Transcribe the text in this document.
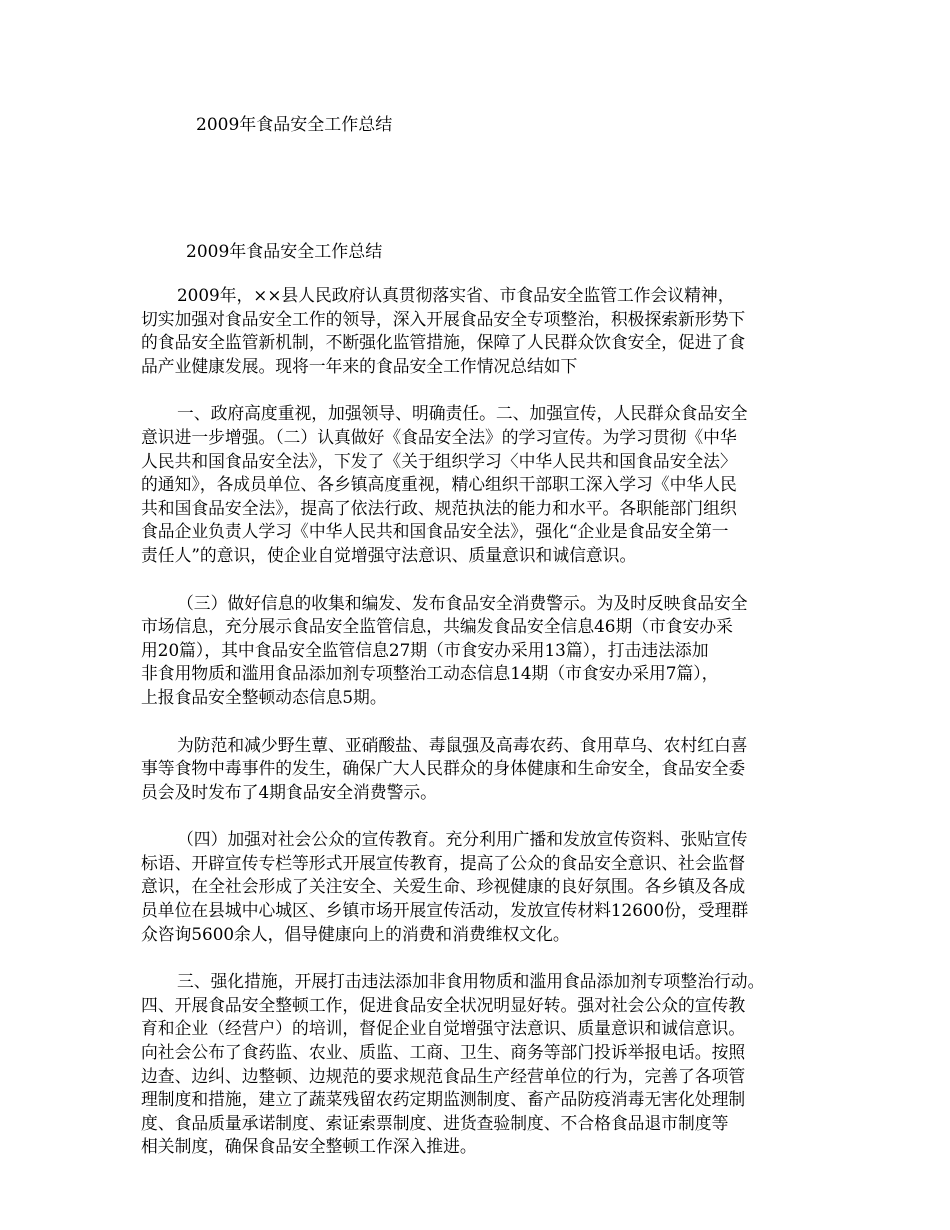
2009年食品安全工作总结
2009年食品安全工作总结

2009年，××县人民政府认真贯彻落实省、市食品安全监管工作会议精神，
切实加强对食品安全工作的领导，深入开展食品安全专项整治，积极探索新形势下
的食品安全监管新机制，不断强化监管措施，保障了人民群众饮食安全，促进了食
品产业健康发展。现将一年来的食品安全工作情况总结如下

一、政府高度重视，加强领导、明确责任。二、加强宣传，人民群众食品安全
意识进一步增强。（二）认真做好《食品安全法》的学习宣传。为学习贯彻《中华
人民共和国食品安全法》，下发了《关于组织学习〈中华人民共和国食品安全法〉
的通知》，各成员单位、各乡镇高度重视，精心组织干部职工深入学习《中华人民
共和国食品安全法》，提高了依法行政、规范执法的能力和水平。各职能部门组织
食品企业负责人学习《中华人民共和国食品安全法》，强化“企业是食品安全第一
责任人”的意识，使企业自觉增强守法意识、质量意识和诚信意识。

（三）做好信息的收集和编发、发布食品安全消费警示。为及时反映食品安全
市场信息，充分展示食品安全监管信息，共编发食品安全信息46期（市食安办采
用20篇），其中食品安全监管信息27期（市食安办采用13篇），打击违法添加
非食用物质和滥用食品添加剂专项整治工动态信息14期（市食安办采用7篇），
上报食品安全整顿动态信息5期。

为防范和减少野生蕈、亚硝酸盐、毒鼠强及高毒农药、食用草乌、农村红白喜
事等食物中毒事件的发生，确保广大人民群众的身体健康和生命安全，食品安全委
员会及时发布了4期食品安全消费警示。

（四）加强对社会公众的宣传教育。充分利用广播和发放宣传资料、张贴宣传
标语、开辟宣传专栏等形式开展宣传教育，提高了公众的食品安全意识、社会监督
意识，在全社会形成了关注安全、关爱生命、珍视健康的良好氛围。各乡镇及各成
员单位在县城中心城区、乡镇市场开展宣传活动，发放宣传材料12600份，受理群
众咨询5600余人，倡导健康向上的消费和消费维权文化。

三、强化措施，开展打击违法添加非食用物质和滥用食品添加剂专项整治行动。
四、开展食品安全整顿工作，促进食品安全状况明显好转。强对社会公众的宣传教
育和企业（经营户）的培训，督促企业自觉增强守法意识、质量意识和诚信意识。
向社会公布了食药监、农业、质监、工商、卫生、商务等部门投诉举报电话。按照
边查、边纠、边整顿、边规范的要求规范食品生产经营单位的行为，完善了各项管
理制度和措施，建立了蔬菜残留农药定期监测制度、畜产品防疫消毒无害化处理制
度、食品质量承诺制度、索证索票制度、进货查验制度、不合格食品退市制度等
相关制度，确保食品安全整顿工作深入推进。
